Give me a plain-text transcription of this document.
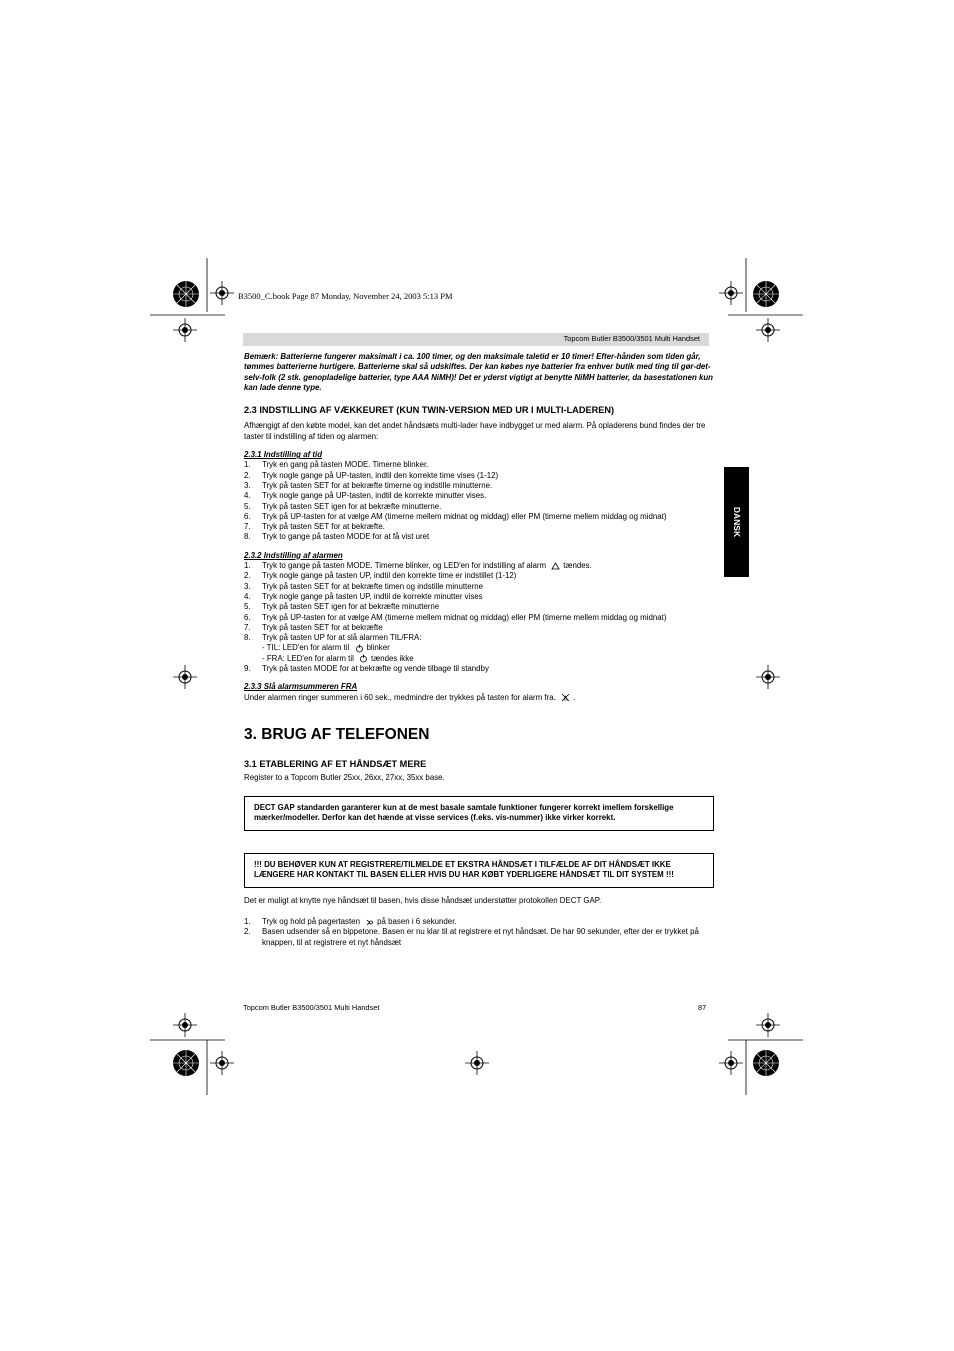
B3500_C.book Page 87 Monday, November 24, 2003 5:13 PM
Topcom Butler B3500/3501 Multi Handset
DANSK

Bemærk: Batterierne fungerer maksimalt i ca. 100 timer, og den maksimale taletid er 10 timer! Efter-hånden som tiden går, tømmes batterierne hurtigere. Batterierne skal så udskiftes. Der kan købes nye batterier fra enhver butik med ting til gør-det-selv-folk (2 stk. genopladelige batterier, type AAA NiMH)! Det er yderst vigtigt at benytte NiMH batterier, da basestationen kun kan lade denne type.

2.3 INDSTILLING AF VÆKKEURET (KUN TWIN-VERSION MED UR I MULTI-LADEREN)

Afhængigt af den købte model, kan det andet håndsæts multi-lader have indbygget ur med alarm. På opladerens bund findes der tre taster til indstilling af tiden og alarmen:

2.3.1 Indstilling af tid

1. Tryk en gang på tasten MODE. Timerne blinker.
2. Tryk nogle gange på UP-tasten, indtil den korrekte time vises (1-12)
3. Tryk på tasten SET for at bekræfte timerne og indstille minutterne.
4. Tryk nogle gange på UP-tasten, indtil de korrekte minutter vises.
5. Tryk på tasten SET igen for at bekræfte minutterne.
6. Tryk på UP-tasten for at vælge AM (timerne mellem midnat og middag) eller PM (timerne mellem middag og midnat)
7. Tryk på tasten SET for at bekræfte.
8. Tryk to gange på tasten MODE for at få vist uret

2.3.2 Indstilling af alarmen

1. Tryk to gange på tasten MODE. Timerne blinker, og LED'en for indstilling af alarm tændes.
2. Tryk nogle gange på tasten UP, indtil den korrekte time er indstillet (1-12)
3. Tryk på tasten SET for at bekræfte timen og indstille minutterne
4. Tryk nogle gange på tasten UP, indtil de korrekte minutter vises
5. Tryk på tasten SET igen for at bekræfte minutterne
6. Tryk på UP-tasten for at vælge AM (timerne mellem midnat og middag) eller PM (timerne mellem middag og midnat)
7. Tryk på tasten SET for at bekræfte
8. Tryk på tasten UP for at slå alarmen TIL/FRA:
- TIL: LED'en for alarm til blinker
- FRA: LED'en for alarm til tændes ikke
9. Tryk på tasten MODE for at bekræfte og vende tilbage til standby

2.3.3 Slå alarmsummeren FRA

Under alarmen ringer summeren i 60 sek., medmindre der trykkes på tasten for alarm fra. .

3. BRUG AF TELEFONEN
3.1 ETABLERING AF ET HÅNDSÆT MERE

Register to a Topcom Butler 25xx, 26xx, 27xx, 35xx base.

DECT GAP standarden garanterer kun at de mest basale samtale funktioner fungerer korrekt imellem forskellige mærker/modeller. Derfor kan det hænde at visse services (f.eks. vis-nummer) ikke virker korrekt.
!!! DU BEHØVER KUN AT REGISTRERE/TILMELDE ET EKSTRA HÅNDSÆT I TILFÆLDE AF DIT HÅNDSÆT IKKE LÆNGERE HAR KONTAKT TIL BASEN ELLER HVIS DU HAR KØBT YDERLIGERE HÅNDSÆT TIL DIT SYSTEM !!!

Det er muligt at knytte nye håndsæt til basen, hvis disse håndsæt understøtter protokollen DECT GAP.

1. Tryk og hold på pagertasten på basen i 6 sekunder.
2. Basen udsender så en bippetone. Basen er nu klar til at registrere et nyt håndsæt. De har 90 sekunder, efter der er trykket på knappen, til at registrere et nyt håndsæt
Topcom Butler B3500/3501 Multi Handset	87
